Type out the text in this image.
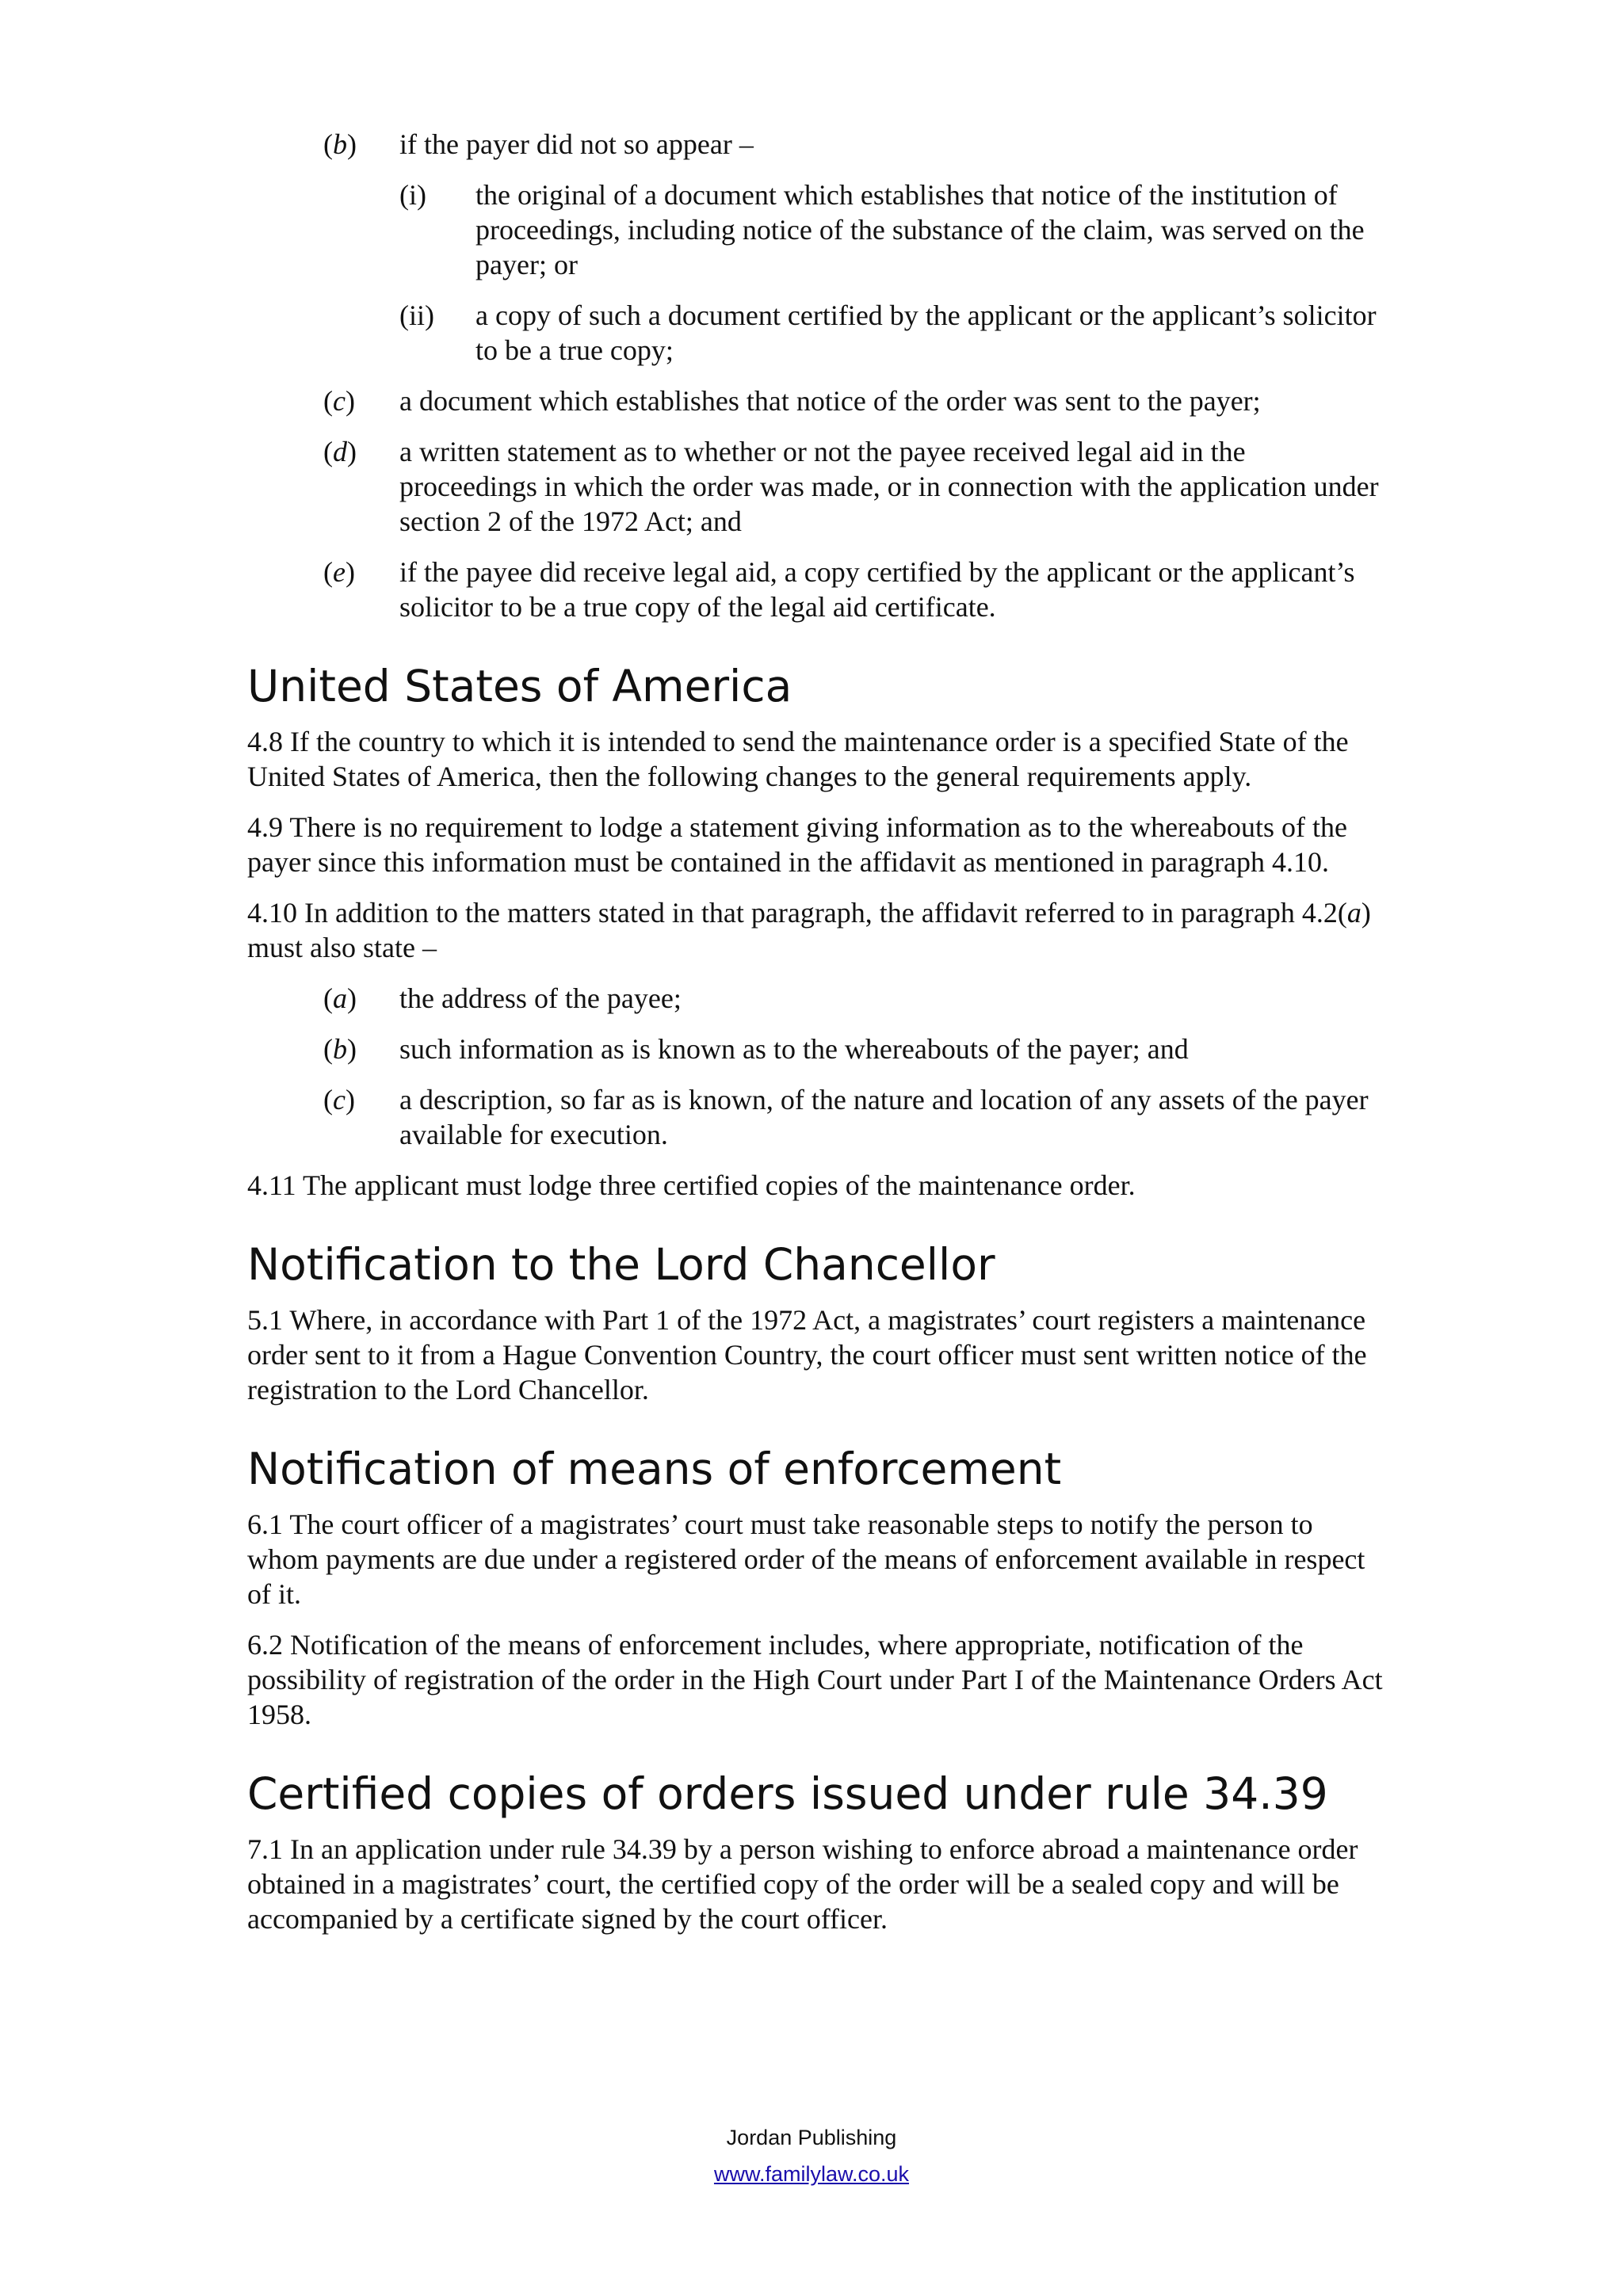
(b)	if the payer did not so appear –
(i)	the original of a document which establishes that notice of the institution of proceedings, including notice of the substance of the claim, was served on the payer; or
(ii)	a copy of such a document certified by the applicant or the applicant’s solicitor to be a true copy;
(c)	a document which establishes that notice of the order was sent to the payer;
(d)	a written statement as to whether or not the payee received legal aid in the proceedings in which the order was made, or in connection with the application under section 2 of the 1972 Act; and
(e)	if the payee did receive legal aid, a copy certified by the applicant or the applicant’s solicitor to be a true copy of the legal aid certificate.
United States of America

4.8 If the country to which it is intended to send the maintenance order is a specified State of the United States of America, then the following changes to the general requirements apply.

4.9 There is no requirement to lodge a statement giving information as to the whereabouts of the payer since this information must be contained in the affidavit as mentioned in paragraph 4.10.

4.10 In addition to the matters stated in that paragraph, the affidavit referred to in paragraph 4.2(a) must also state –

(a)	the address of the payee;
(b)	such information as is known as to the whereabouts of the payer; and
(c)	a description, so far as is known, of the nature and location of any assets of the payer available for execution.

4.11 The applicant must lodge three certified copies of the maintenance order.

Notification to the Lord Chancellor

5.1 Where, in accordance with Part 1 of the 1972 Act, a magistrates’ court registers a maintenance order sent to it from a Hague Convention Country, the court officer must sent written notice of the registration to the Lord Chancellor.

Notification of means of enforcement

6.1 The court officer of a magistrates’ court must take reasonable steps to notify the person to whom payments are due under a registered order of the means of enforcement available in respect of it.

6.2 Notification of the means of enforcement includes, where appropriate, notification of the possibility of registration of the order in the High Court under Part I of the Maintenance Orders Act 1958.

Certified copies of orders issued under rule 34.39

7.1 In an application under rule 34.39 by a person wishing to enforce abroad a maintenance order obtained in a magistrates’ court, the certified copy of the order will be a sealed copy and will be accompanied by a certificate signed by the court officer.

Jordan Publishing
www.familylaw.co.uk
